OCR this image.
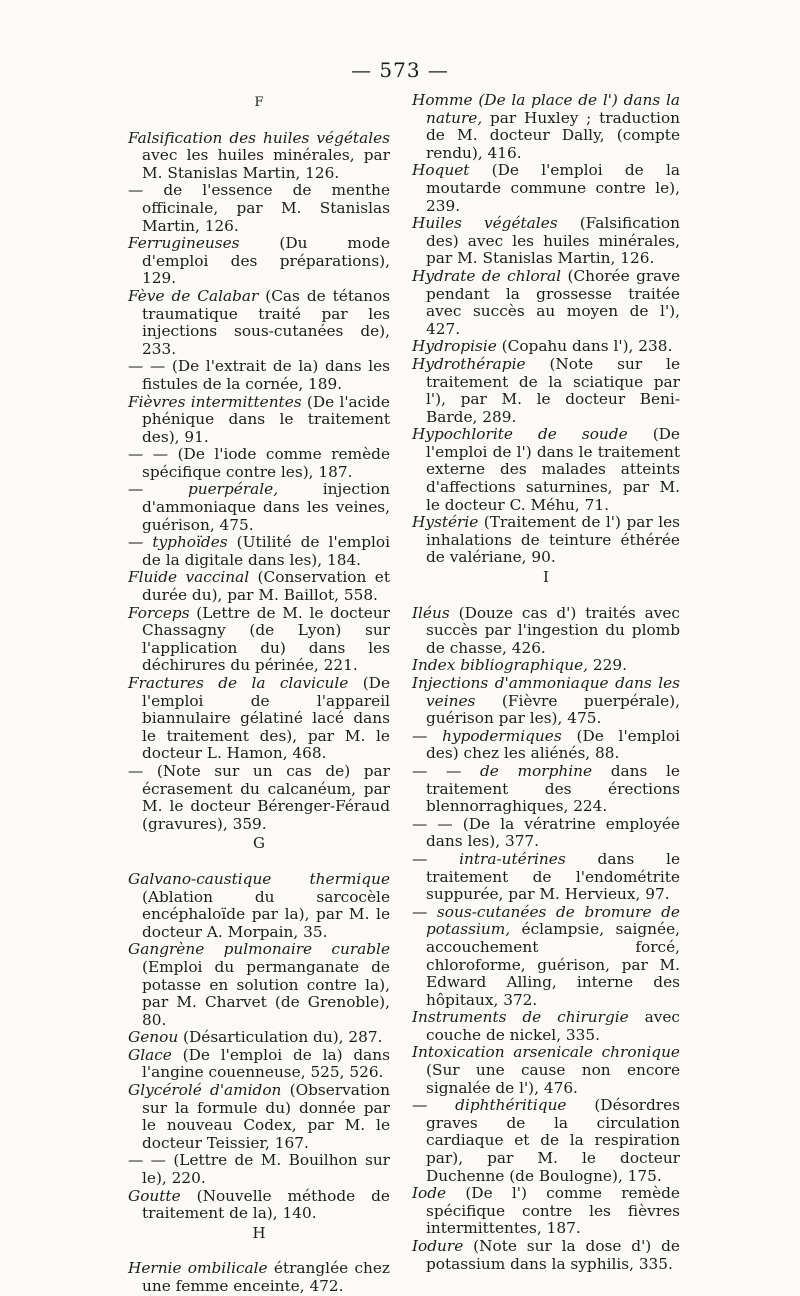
— 573 —
F

Falsification des huiles végétales avec les huiles minérales, par M. Stanislas Martin, 126.

— de l'essence de menthe officinale, par M. Stanislas Martin, 126.

Ferrugineuses (Du mode d'emploi des préparations), 129.

Fève de Calabar (Cas de tétanos traumatique traité par les injections sous-cutanées de), 233.

— — (De l'extrait de la) dans les fistules de la cornée, 189.

Fièvres intermittentes (De l'acide phénique dans le traitement des), 91.

— — (De l'iode comme remède spécifique contre les), 187.

— puerpérale, injection d'ammoniaque dans les veines, guérison, 475.

— typhoïdes (Utilité de l'emploi de la digitale dans les), 184.

Fluide vaccinal (Conservation et durée du), par M. Baillot, 558.

Forceps (Lettre de M. le docteur Chassagny (de Lyon) sur l'application du) dans les déchirures du périnée, 221.

Fractures de la clavicule (De l'emploi de l'appareil biannulaire gélatiné lacé dans le traitement des), par M. le docteur L. Hamon, 468.

— (Note sur un cas de) par écrasement du calcanéum, par M. le docteur Bérenger-Féraud (gravures), 359.

G

Galvano-caustique thermique (Ablation du sarcocèle encéphaloïde par la), par M. le docteur A. Morpain, 35.

Gangrène pulmonaire curable (Emploi du permanganate de potasse en solution contre la), par M. Charvet (de Grenoble), 80.

Genou (Désarticulation du), 287.

Glace (De l'emploi de la) dans l'angine couenneuse, 525, 526.

Glycérolé d'amidon (Observation sur la formule du) donnée par le nouveau Codex, par M. le docteur Teissier, 167.

— — (Lettre de M. Bouilhon sur le), 220.

Goutte (Nouvelle méthode de traitement de la), 140.

H

Hernie ombilicale étranglée chez une femme enceinte, 472.

Homme (De la place de l') dans la nature, par Huxley ; traduction de M. docteur Dally, (compte rendu), 416.

Hoquet (De l'emploi de la moutarde commune contre le), 239.

Huiles végétales (Falsification des) avec les huiles minérales, par M. Stanislas Martin, 126.

Hydrate de chloral (Chorée grave pendant la grossesse traitée avec succès au moyen de l'), 427.

Hydropisie (Copahu dans l'), 238.

Hydrothérapie (Note sur le traitement de la sciatique par l'), par M. le docteur Beni-Barde, 289.

Hypochlorite de soude (De l'emploi de l') dans le traitement externe des malades atteints d'affections saturnines, par M. le docteur C. Méhu, 71.

Hystérie (Traitement de l') par les inhalations de teinture éthérée de valériane, 90.

I

Iléus (Douze cas d') traités avec succès par l'ingestion du plomb de chasse, 426.

Index bibliographique, 229.

Injections d'ammoniaque dans les veines (Fièvre puerpérale), guérison par les), 475.

— hypodermiques (De l'emploi des) chez les aliénés, 88.

— — de morphine dans le traitement des érections blennorraghiques, 224.

— — (De la vératrine employée dans les), 377.

— intra-utérines dans le traitement de l'endométrite suppurée, par M. Hervieux, 97.

— sous-cutanées de bromure de potassium, éclampsie, saignée, accouchement forcé, chloroforme, guérison, par M. Edward Alling, interne des hôpitaux, 372.

Instruments de chirurgie avec couche de nickel, 335.

Intoxication arsenicale chronique (Sur une cause non encore signalée de l'), 476.

— diphthéritique (Désordres graves de la circulation cardiaque et de la respiration par), par M. le docteur Duchenne (de Boulogne), 175.

Iode (De l') comme remède spécifique contre les fièvres intermittentes, 187.

Iodure (Note sur la dose d') de potassium dans la syphilis, 335.
